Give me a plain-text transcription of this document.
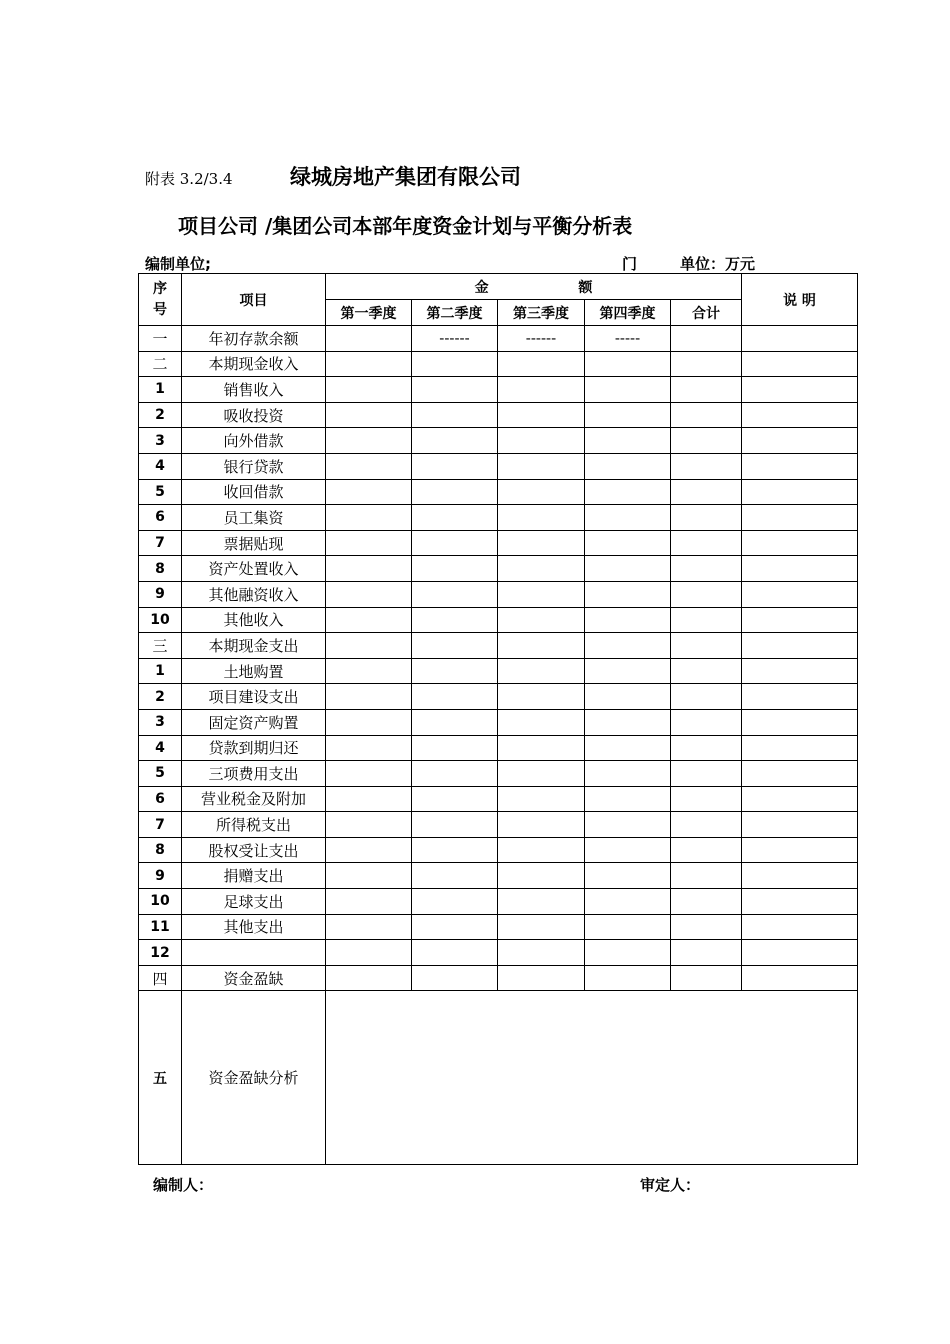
附表 3.2/3.4	绿城房地产集团有限公司
项目公司 /集团公司本部年度资金计划与平衡分析表
编制单位;	门	单位：万元
序
号	项目	金 额					说 明
		第一季度	第二季度	第三季度	第四季度	合计	
一	年初存款余额		------	------	-----		
二	本期现金收入						
1	销售收入						
2	吸收投资						
3	向外借款						
4	银行贷款						
5	收回借款						
6	员工集资						
7	票据贴现						
8	资产处置收入						
9	其他融资收入						
10	其他收入						
三	本期现金支出						
1	土地购置						
2	项目建设支出						
3	固定资产购置						
4	贷款到期归还						
5	三项费用支出						
6	营业税金及附加						
7	所得税支出						
8	股权受让支出						
9	捐赠支出						
10	足球支出						
11	其他支出						
12							
四	资金盈缺						
五	资金盈缺分析						
编制人：	审定人：
